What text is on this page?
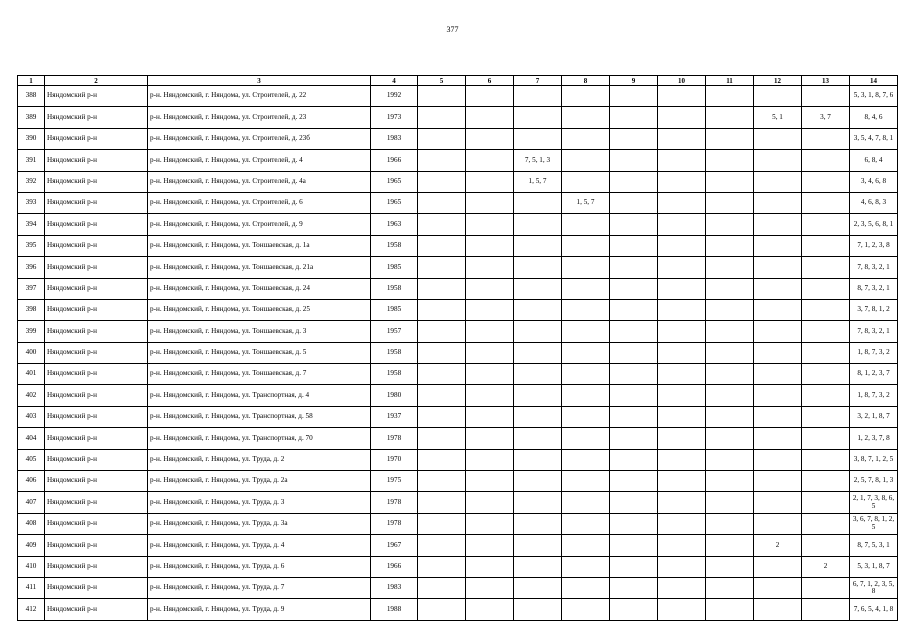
377
1	2	3	4	5	6	7	8	9	10	11	12	13	14
388	Няндомский р-н	р-н. Няндомский, г. Няндома, ул. Строителей, д. 22	1992										5, 3, 1, 8, 7, 6
389	Няндомский р-н	р-н. Няндомский, г. Няндома, ул. Строителей, д. 23	1973								5, 1	3, 7	8, 4, 6
390	Няндомский р-н	р-н. Няндомский, г. Няндома, ул. Строителей, д. 23б	1983										3, 5, 4, 7, 8, 1
391	Няндомский р-н	р-н. Няндомский, г. Няндома, ул. Строителей, д. 4	1966			7, 5, 1, 3							6, 8, 4
392	Няндомский р-н	р-н. Няндомский, г. Няндома, ул. Строителей, д. 4а	1965			1, 5, 7							3, 4, 6, 8
393	Няндомский р-н	р-н. Няндомский, г. Няндома, ул. Строителей, д. 6	1965				1, 5, 7						4, 6, 8, 3
394	Няндомский р-н	р-н. Няндомский, г. Няндома, ул. Строителей, д. 9	1963										2, 3, 5, 6, 8, 1
395	Няндомский р-н	р-н. Няндомский, г. Няндома, ул. Тоншаевская, д. 1а	1958										7, 1, 2, 3, 8
396	Няндомский р-н	р-н. Няндомский, г. Няндома, ул. Тоншаевская, д. 21а	1985										7, 8, 3, 2, 1
397	Няндомский р-н	р-н. Няндомский, г. Няндома, ул. Тоншаевская, д. 24	1958										8, 7, 3, 2, 1
398	Няндомский р-н	р-н. Няндомский, г. Няндома, ул. Тоншаевская, д. 25	1985										3, 7, 8, 1, 2
399	Няндомский р-н	р-н. Няндомский, г. Няндома, ул. Тоншаевская, д. 3	1957										7, 8, 3, 2, 1
400	Няндомский р-н	р-н. Няндомский, г. Няндома, ул. Тоншаевская, д. 5	1958										1, 8, 7, 3, 2
401	Няндомский р-н	р-н. Няндомский, г. Няндома, ул. Тоншаевская, д. 7	1958										8, 1, 2, 3, 7
402	Няндомский р-н	р-н. Няндомский, г. Няндома, ул. Транспортная, д. 4	1980										1, 8, 7, 3, 2
403	Няндомский р-н	р-н. Няндомский, г. Няндома, ул. Транспортная, д. 58	1937										3, 2, 1, 8, 7
404	Няндомский р-н	р-н. Няндомский, г. Няндома, ул. Транспортная, д. 70	1978										1, 2, 3, 7, 8
405	Няндомский р-н	р-н. Няндомский, г. Няндома, ул. Труда, д. 2	1970										3, 8, 7, 1, 2, 5
406	Няндомский р-н	р-н. Няндомский, г. Няндома, ул. Труда, д. 2а	1975										2, 5, 7, 8, 1, 3
407	Няндомский р-н	р-н. Няндомский, г. Няндома, ул. Труда, д. 3	1978										2, 1, 7, 3, 8, 6, 5
408	Няндомский р-н	р-н. Няндомский, г. Няндома, ул. Труда, д. 3а	1978										3, 6, 7, 8, 1, 2, 5
409	Няндомский р-н	р-н. Няндомский, г. Няндома, ул. Труда, д. 4	1967								2		8, 7, 5, 3, 1
410	Няндомский р-н	р-н. Няндомский, г. Няндома, ул. Труда, д. 6	1966									2	5, 3, 1, 8, 7
411	Няндомский р-н	р-н. Няндомский, г. Няндома, ул. Труда, д. 7	1983										6, 7, 1, 2, 3, 5, 8
412	Няндомский р-н	р-н. Няндомский, г. Няндома, ул. Труда, д. 9	1988										7, 6, 5, 4, 1, 8
